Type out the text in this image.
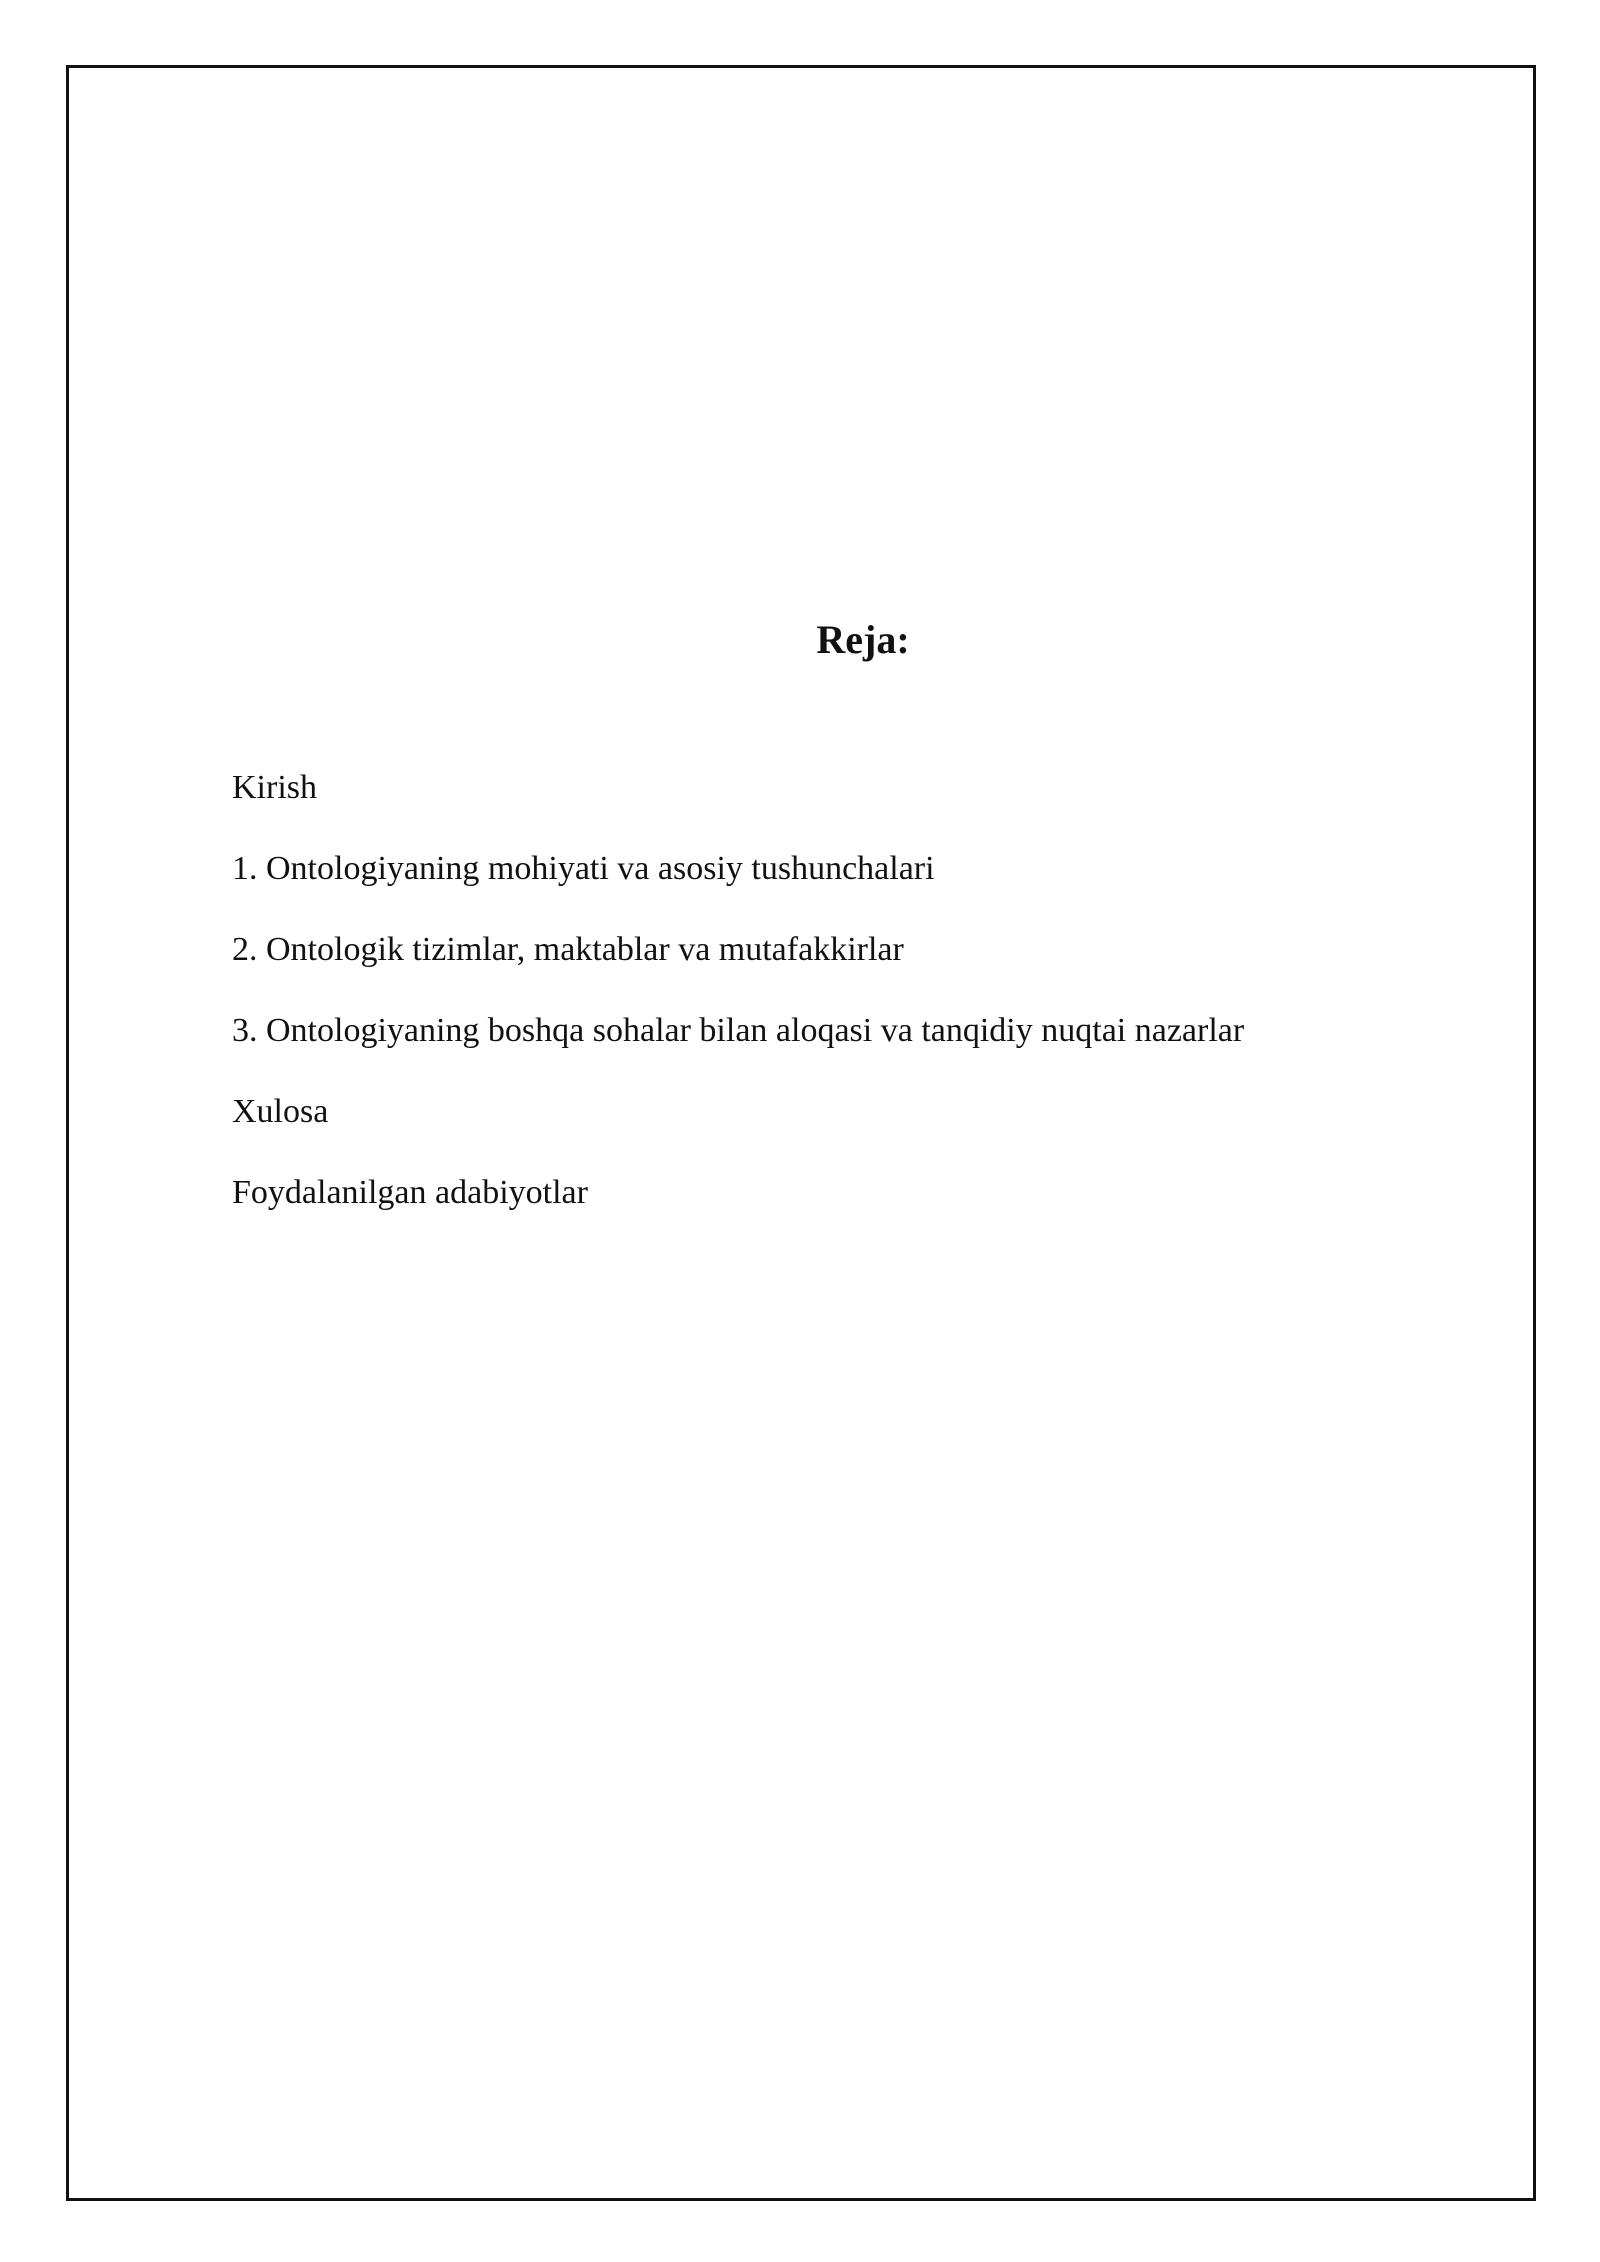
Reja:
Kirish
1. Ontologiyaning mohiyati va asosiy tushunchalari
2. Ontologik tizimlar, maktablar va mutafakkirlar
3. Ontologiyaning boshqa sohalar bilan aloqasi va tanqidiy nuqtai nazarlar
Xulosa
Foydalanilgan adabiyotlar
